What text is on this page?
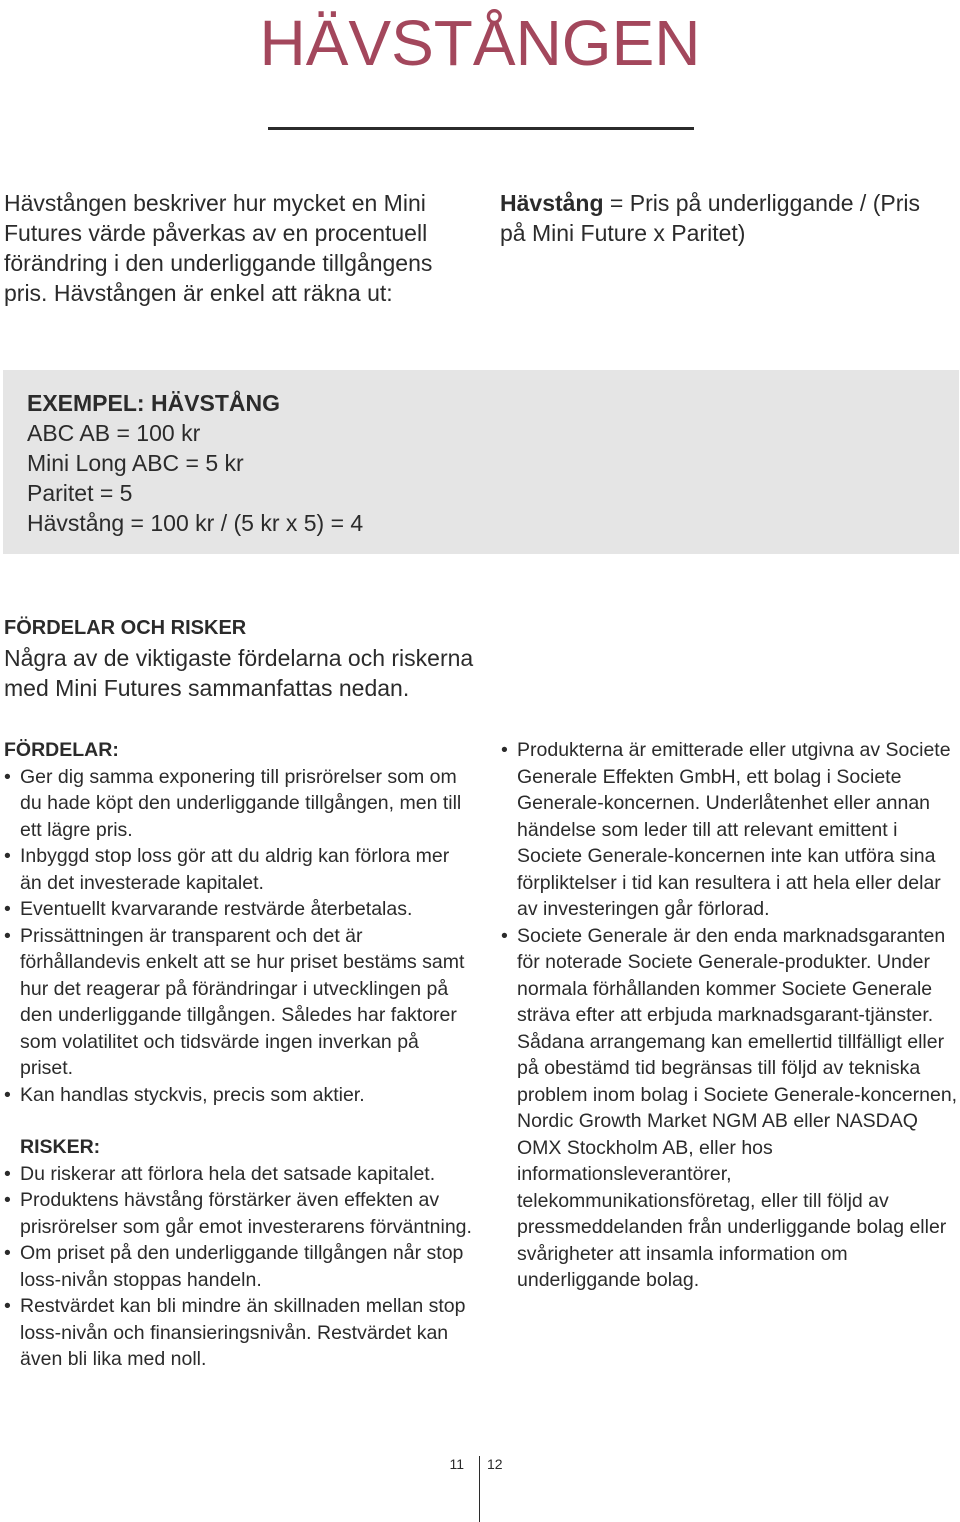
HÄVSTÅNGEN
Hävstången beskriver hur mycket en Mini Futures värde påverkas av en procentuell förändring i den underliggande tillgångens pris. Hävstången är enkel att räkna ut:
Hävstång = Pris på underliggande / (Pris på Mini Future x Paritet)
EXEMPEL: HÄVSTÅNG
ABC AB = 100 kr
Mini Long ABC = 5 kr
Paritet = 5
Hävstång = 100 kr / (5 kr x 5) = 4
FÖRDELAR OCH RISKER
Några av de viktigaste fördelarna och riskerna med Mini Futures sammanfattas nedan.
FÖRDELAR:
• Ger dig samma exponering till prisrörelser som om du hade köpt den underliggande tillgången, men till ett lägre pris.
• Inbyggd stop loss gör att du aldrig kan förlora mer än det investerade kapitalet.
• Eventuellt kvarvarande restvärde återbetalas.
• Prissättningen är transparent och det är förhållandevis enkelt att se hur priset bestäms samt hur det reagerar på förändringar i utvecklingen på den underliggande tillgången. Således har faktorer som volatilitet och tidsvärde ingen inverkan på priset.
• Kan handlas styckvis, precis som aktier.
RISKER:
• Du riskerar att förlora hela det satsade kapitalet.
• Produktens hävstång förstärker även effekten av prisrörelser som går emot investerarens förväntning.
• Om priset på den underliggande tillgången når stop loss-nivån stoppas handeln.
• Restvärdet kan bli mindre än skillnaden mellan stop loss-nivån och finansieringsnivån. Restvärdet kan även bli lika med noll.
• Produkterna är emitterade eller utgivna av Societe Generale Effekten GmbH, ett bolag i Societe Generale-koncernen. Underlåtenhet eller annan händelse som leder till att relevant emittent i Societe Generale-koncernen inte kan utföra sina förpliktelser i tid kan resultera i att hela eller delar av investeringen går förlorad.
• Societe Generale är den enda marknadsgaranten för noterade Societe Generale-produkter. Under normala förhållanden kommer Societe Generale sträva efter att erbjuda marknadsgarant-tjänster. Sådana arrangemang kan emellertid tillfälligt eller på obestämd tid begränsas till följd av tekniska problem inom bolag i Societe Generale-koncernen, Nordic Growth Market NGM AB eller NASDAQ OMX Stockholm AB, eller hos informationsleverantörer, telekommunikationsföretag, eller till följd av pressmeddelanden från underliggande bolag eller svårigheter att insamla information om underliggande bolag.
11 12
